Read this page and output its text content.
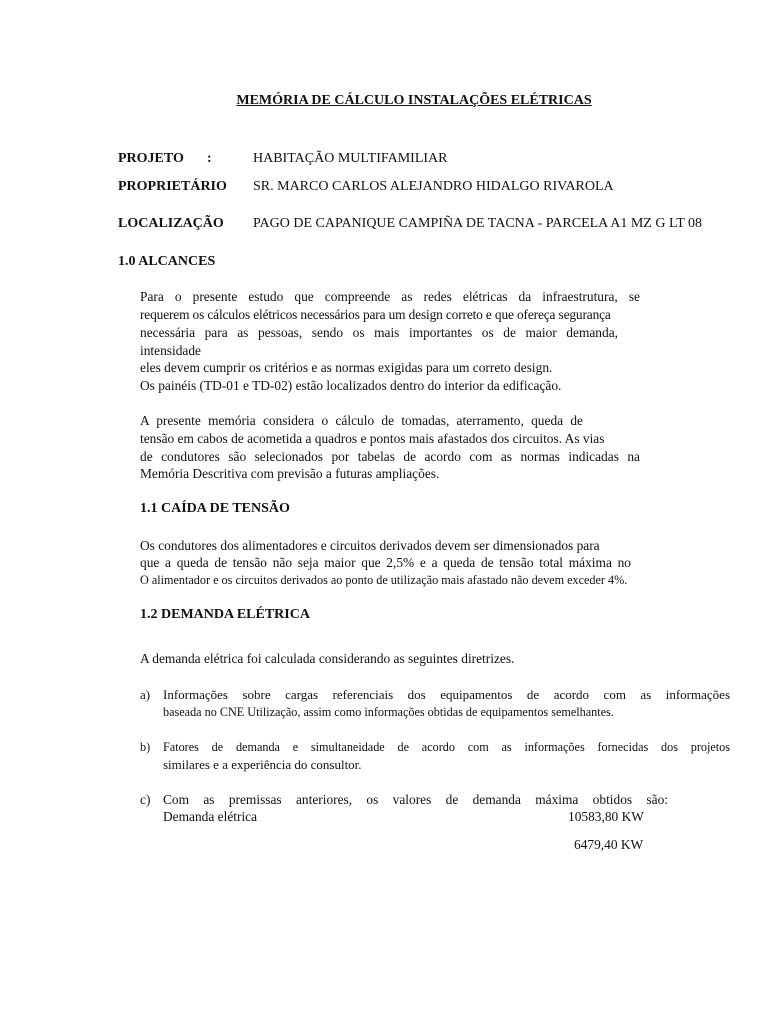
MEMÓRIA DE CÁLCULO INSTALAÇÕES ELÉTRICAS
PROJETO :	HABITAÇÃO MULTIFAMILIAR
PROPRIETÁRIO SR. MARCO CARLOS ALEJANDRO HIDALGO RIVAROLA
LOCALIZAÇÃO PAGO DE CAPANIQUE CAMPIÑA DE TACNA - PARCELA A1 MZ G LT 08
1.0 ALCANCES
Para o presente estudo que compreende as redes elétricas da infraestrutura, se
requerem os cálculos elétricos necessários para um design correto e que ofereça segurança
necessária para as pessoas, sendo os mais importantes os de maior demanda,
intensidade
eles devem cumprir os critérios e as normas exigidas para um correto design.
Os painéis (TD-01 e TD-02) estão localizados dentro do interior da edificação.
A presente memória considera o cálculo de tomadas, aterramento, queda de
tensão em cabos de acometida a quadros e pontos mais afastados dos circuitos. As vias
de condutores são selecionados por tabelas de acordo com as normas indicadas na
Memória Descritiva com previsão a futuras ampliações.
1.1 CAÍDA DE TENSÃO
Os condutores dos alimentadores e circuitos derivados devem ser dimensionados para
que a queda de tensão não seja maior que 2,5% e a queda de tensão total máxima no
O alimentador e os circuitos derivados ao ponto de utilização mais afastado não devem exceder 4%.
1.2 DEMANDA ELÉTRICA
A demanda elétrica foi calculada considerando as seguintes diretrizes.
a) Informações sobre cargas referenciais dos equipamentos de acordo com as informações
baseada no CNE Utilização, assim como informações obtidas de equipamentos semelhantes.
b) Fatores de demanda e simultaneidade de acordo com as informações fornecidas dos projetos
similares e a experiência do consultor.
c) Com as premissas anteriores, os valores de demanda máxima obtidos são:
Demanda elétrica	10583,80 KW
6479,40 KW
